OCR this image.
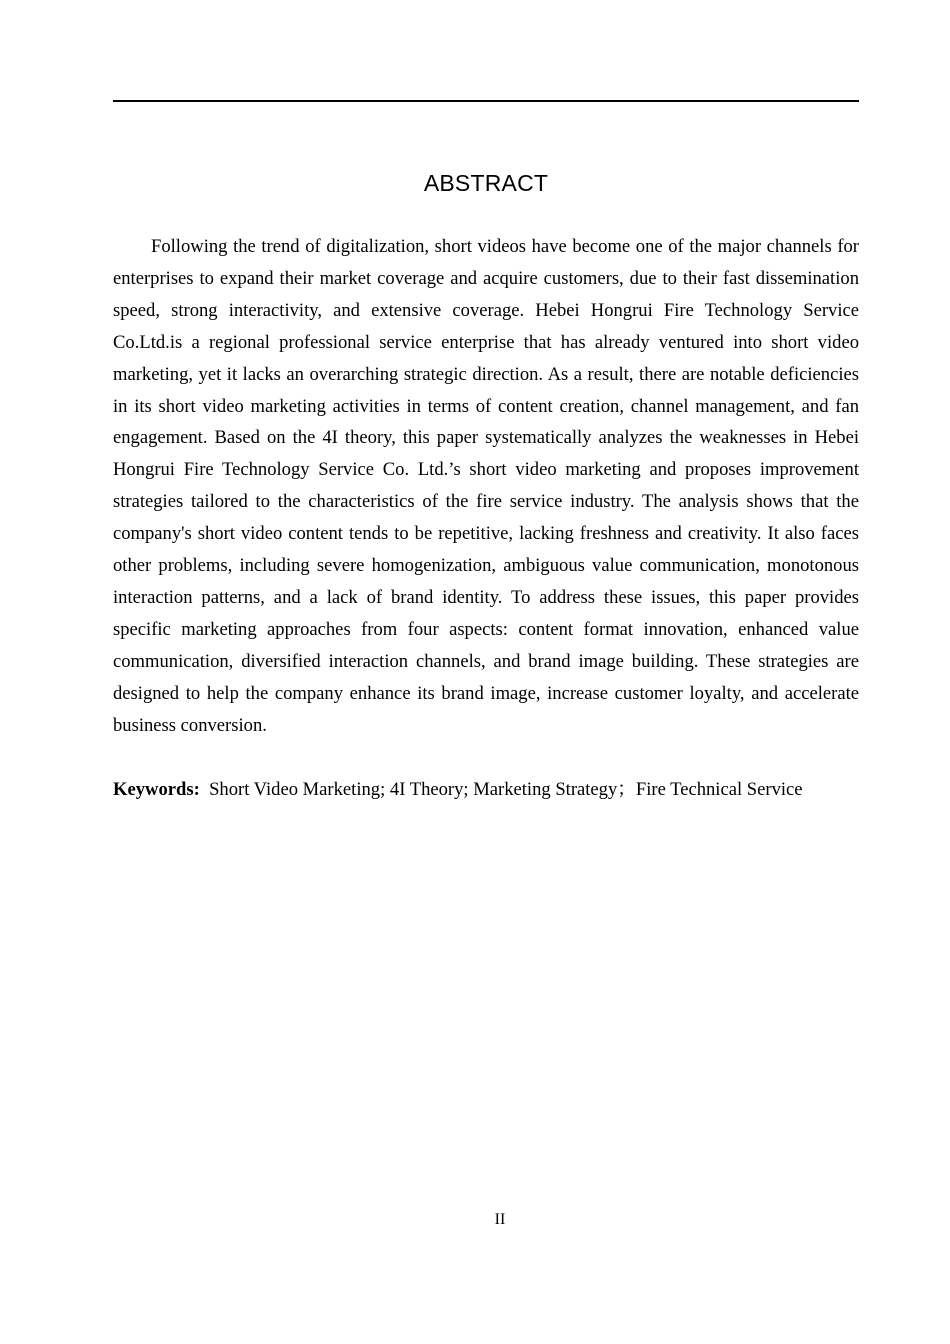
ABSTRACT

Following the trend of digitalization, short videos have become one of the major channels for enterprises to expand their market coverage and acquire customers, due to their fast dissemination speed, strong interactivity, and extensive coverage. Hebei Hongrui Fire Technology Service Co.Ltd.is a regional professional service enterprise that has already ventured into short video marketing, yet it lacks an overarching strategic direction. As a result, there are notable deficiencies in its short video marketing activities in terms of content creation, channel management, and fan engagement. Based on the 4I theory, this paper systematically analyzes the weaknesses in Hebei Hongrui Fire Technology Service Co. Ltd.’s short video marketing and proposes improvement strategies tailored to the characteristics of the fire service industry. The analysis shows that the company's short video content tends to be repetitive, lacking freshness and creativity. It also faces other problems, including severe homogenization, ambiguous value communication, monotonous interaction patterns, and a lack of brand identity. To address these issues, this paper provides specific marketing approaches from four aspects: content format innovation, enhanced value communication, diversified interaction channels, and brand image building. These strategies are designed to help the company enhance its brand image, increase customer loyalty, and accelerate business conversion.

Keywords: Short Video Marketing; 4I Theory; Marketing Strategy；Fire Technical Service

II
